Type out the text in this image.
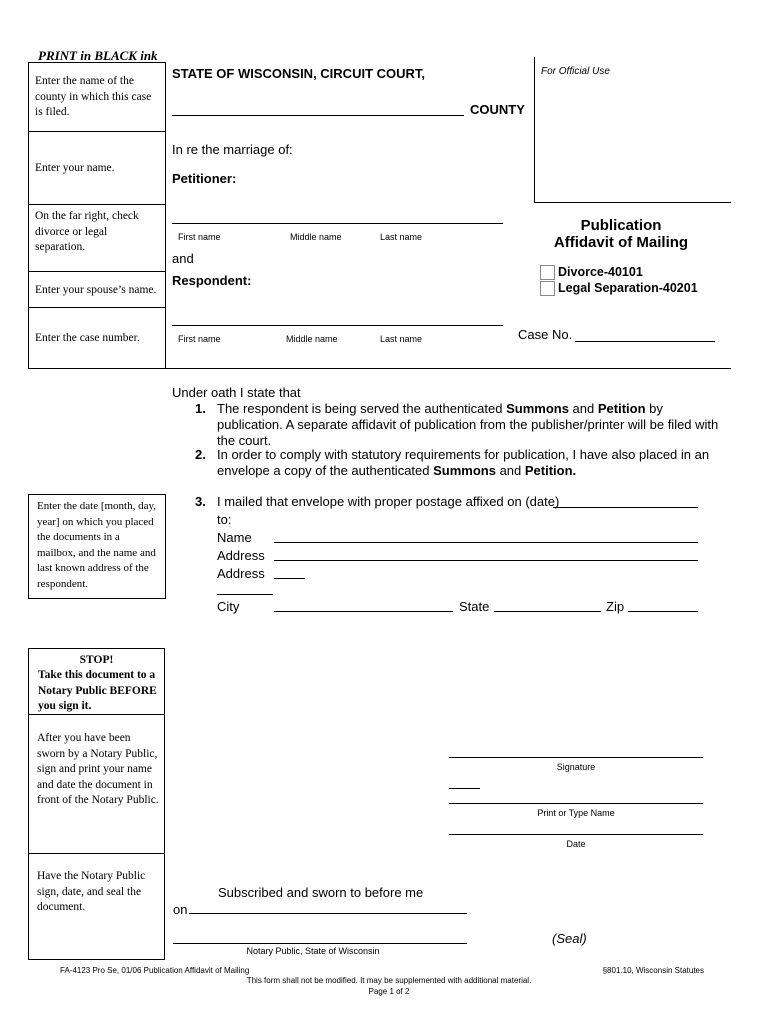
PRINT in BLACK ink
For Official Use
Enter the name of the county in which this case is filed.
Enter your name.
On the far right, check divorce or legal separation.
Enter your spouse’s name.
Enter the case number.
STATE OF WISCONSIN, CIRCUIT COURT,
COUNTY
In re the marriage of:
Petitioner:
First name	Middle name	Last name
and
Respondent:
First name	Middle name	Last name
Publication
Affidavit of Mailing
Divorce-40101
Legal Separation-40201
Case No.
Under oath I state that
1. The respondent is being served the authenticated Summons and Petition by publication. A separate affidavit of publication from the publisher/printer will be filed with the court.
2. In order to comply with statutory requirements for publication, I have also placed in an envelope a copy of the authenticated Summons and Petition.
3. I mailed that envelope with proper postage affixed on (date)
to:
Name
Address
Address
City	State	Zip
Enter the date [month, day, year] on which you placed the documents in a mailbox, and the name and last known address of the respondent.
STOP!
Take this document to a Notary Public BEFORE you sign it.
After you have been sworn by a Notary Public, sign and print your name and date the document in front of the Notary Public.
Have the Notary Public sign, date, and seal the document.
Signature
Print or Type Name
Date
Subscribed and sworn to before me
on
Notary Public, State of Wisconsin
(Seal)
FA-4123 Pro Se, 01/06 Publication Affidavit of Mailing	§801.10, Wisconsin Statutes
This form shall not be modified. It may be supplemented with additional material.
Page 1 of 2
